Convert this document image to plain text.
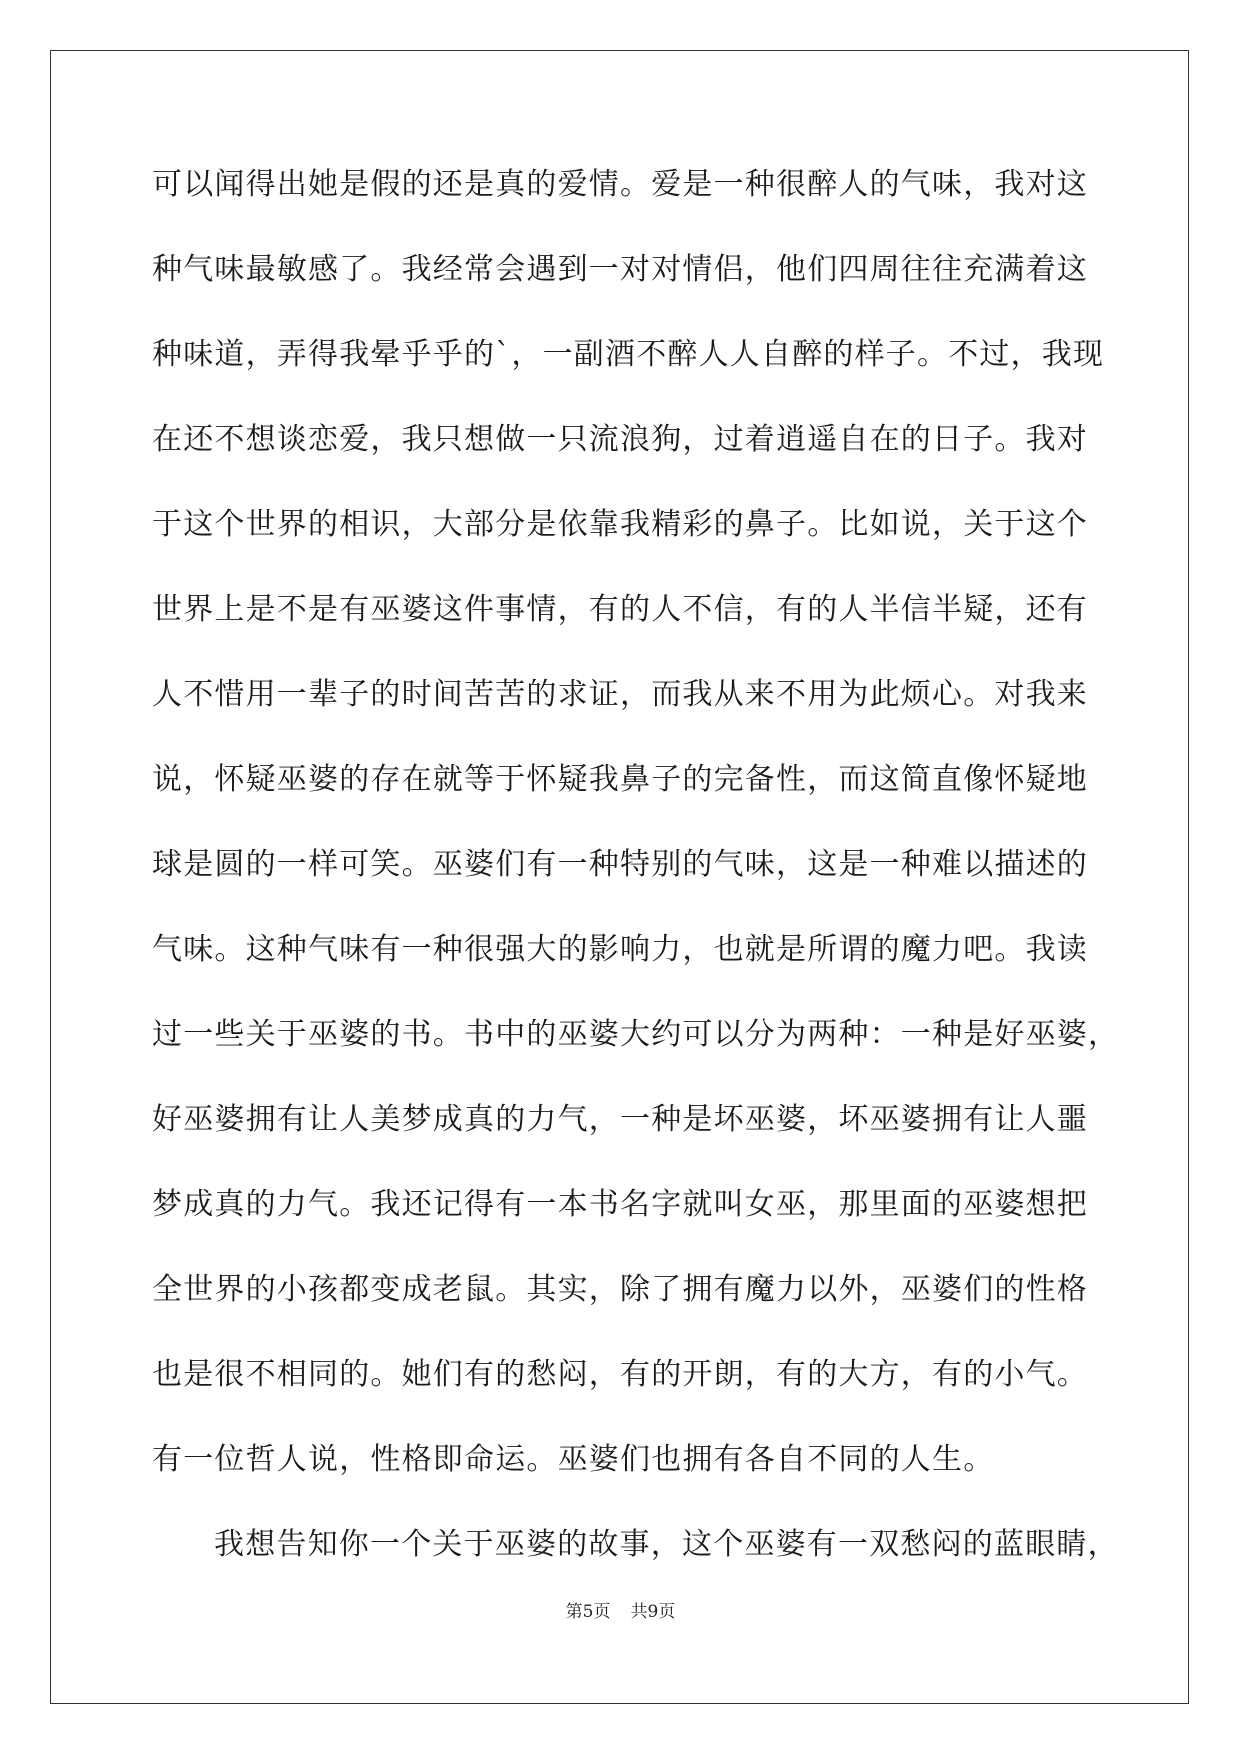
可以闻得出她是假的还是真的爱情。爱是一种很醉人的气味，我对这
种气味最敏感了。我经常会遇到一对对情侣，他们四周往往充满着这
种味道，弄得我晕乎乎的`，一副酒不醉人人自醉的样子。不过，我现
在还不想谈恋爱，我只想做一只流浪狗，过着逍遥自在的日子。我对
于这个世界的相识，大部分是依靠我精彩的鼻子。比如说，关于这个
世界上是不是有巫婆这件事情，有的人不信，有的人半信半疑，还有
人不惜用一辈子的时间苦苦的求证，而我从来不用为此烦心。对我来
说，怀疑巫婆的存在就等于怀疑我鼻子的完备性，而这简直像怀疑地
球是圆的一样可笑。巫婆们有一种特别的气味，这是一种难以描述的
气味。这种气味有一种很强大的影响力，也就是所谓的魔力吧。我读
过一些关于巫婆的书。书中的巫婆大约可以分为两种：一种是好巫婆，
好巫婆拥有让人美梦成真的力气，一种是坏巫婆，坏巫婆拥有让人噩
梦成真的力气。我还记得有一本书名字就叫女巫，那里面的巫婆想把
全世界的小孩都变成老鼠。其实，除了拥有魔力以外，巫婆们的性格
也是很不相同的。她们有的愁闷，有的开朗，有的大方，有的小气。
有一位哲人说，性格即命运。巫婆们也拥有各自不同的人生。
我想告知你一个关于巫婆的故事，这个巫婆有一双愁闷的蓝眼睛，
第5页 共9页
